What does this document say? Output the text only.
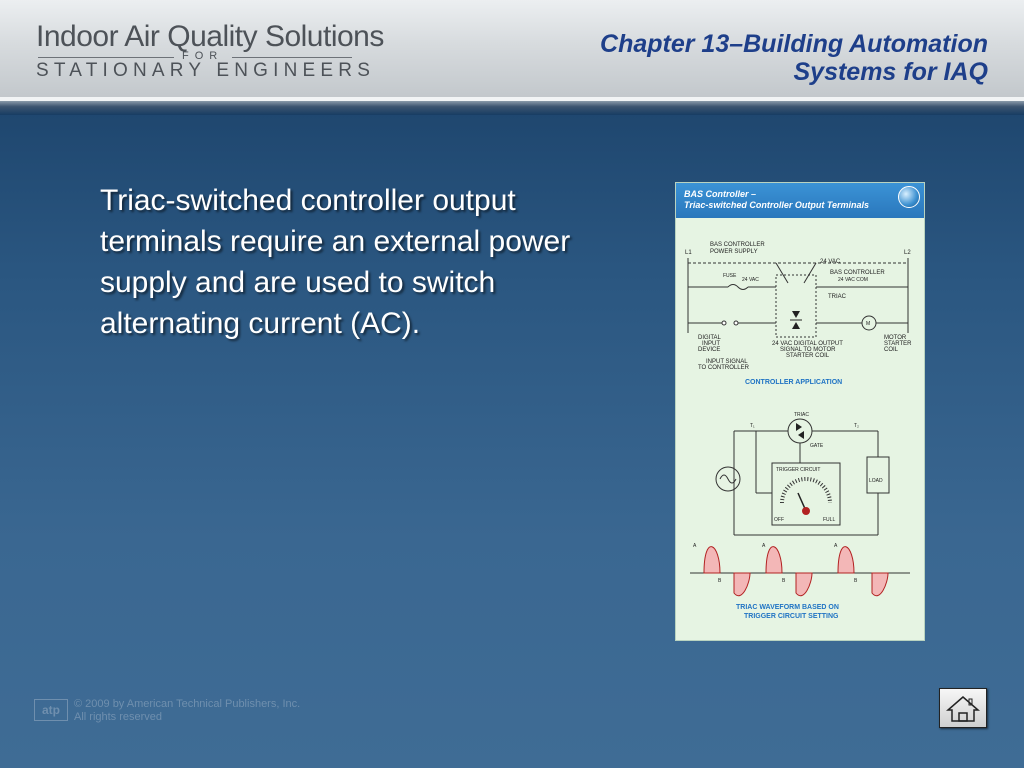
Indoor Air Quality Solutions
FOR
STATIONARY ENGINEERS
Chapter 13–Building Automation
Systems for IAQ
Triac-switched controller output terminals require an external power supply and are used to switch alternating current (AC).
BAS Controller –
Triac-switched Controller Output Terminals
L1	L2
BAS CONTROLLER
POWER SUPPLY
24 VAC
FUSE
24 VAC
BAS CONTROLLER
24 VAC COM
TRIAC
DIGITAL
INPUT
DEVICE
24 VAC DIGITAL OUTPUT
SIGNAL TO MOTOR
STARTER COIL
M
MOTOR
STARTER
COIL
INPUT SIGNAL
TO CONTROLLER
CONTROLLER APPLICATION
TRIAC
T₁	T₂
GATE
TRIGGER CIRCUIT
LOAD
OFF	FULL
A
B
A
B
A
B
TRIAC WAVEFORM BASED ON
TRIGGER CIRCUIT SETTING
atp	© 2009 by American Technical Publishers, Inc.
All rights reserved
